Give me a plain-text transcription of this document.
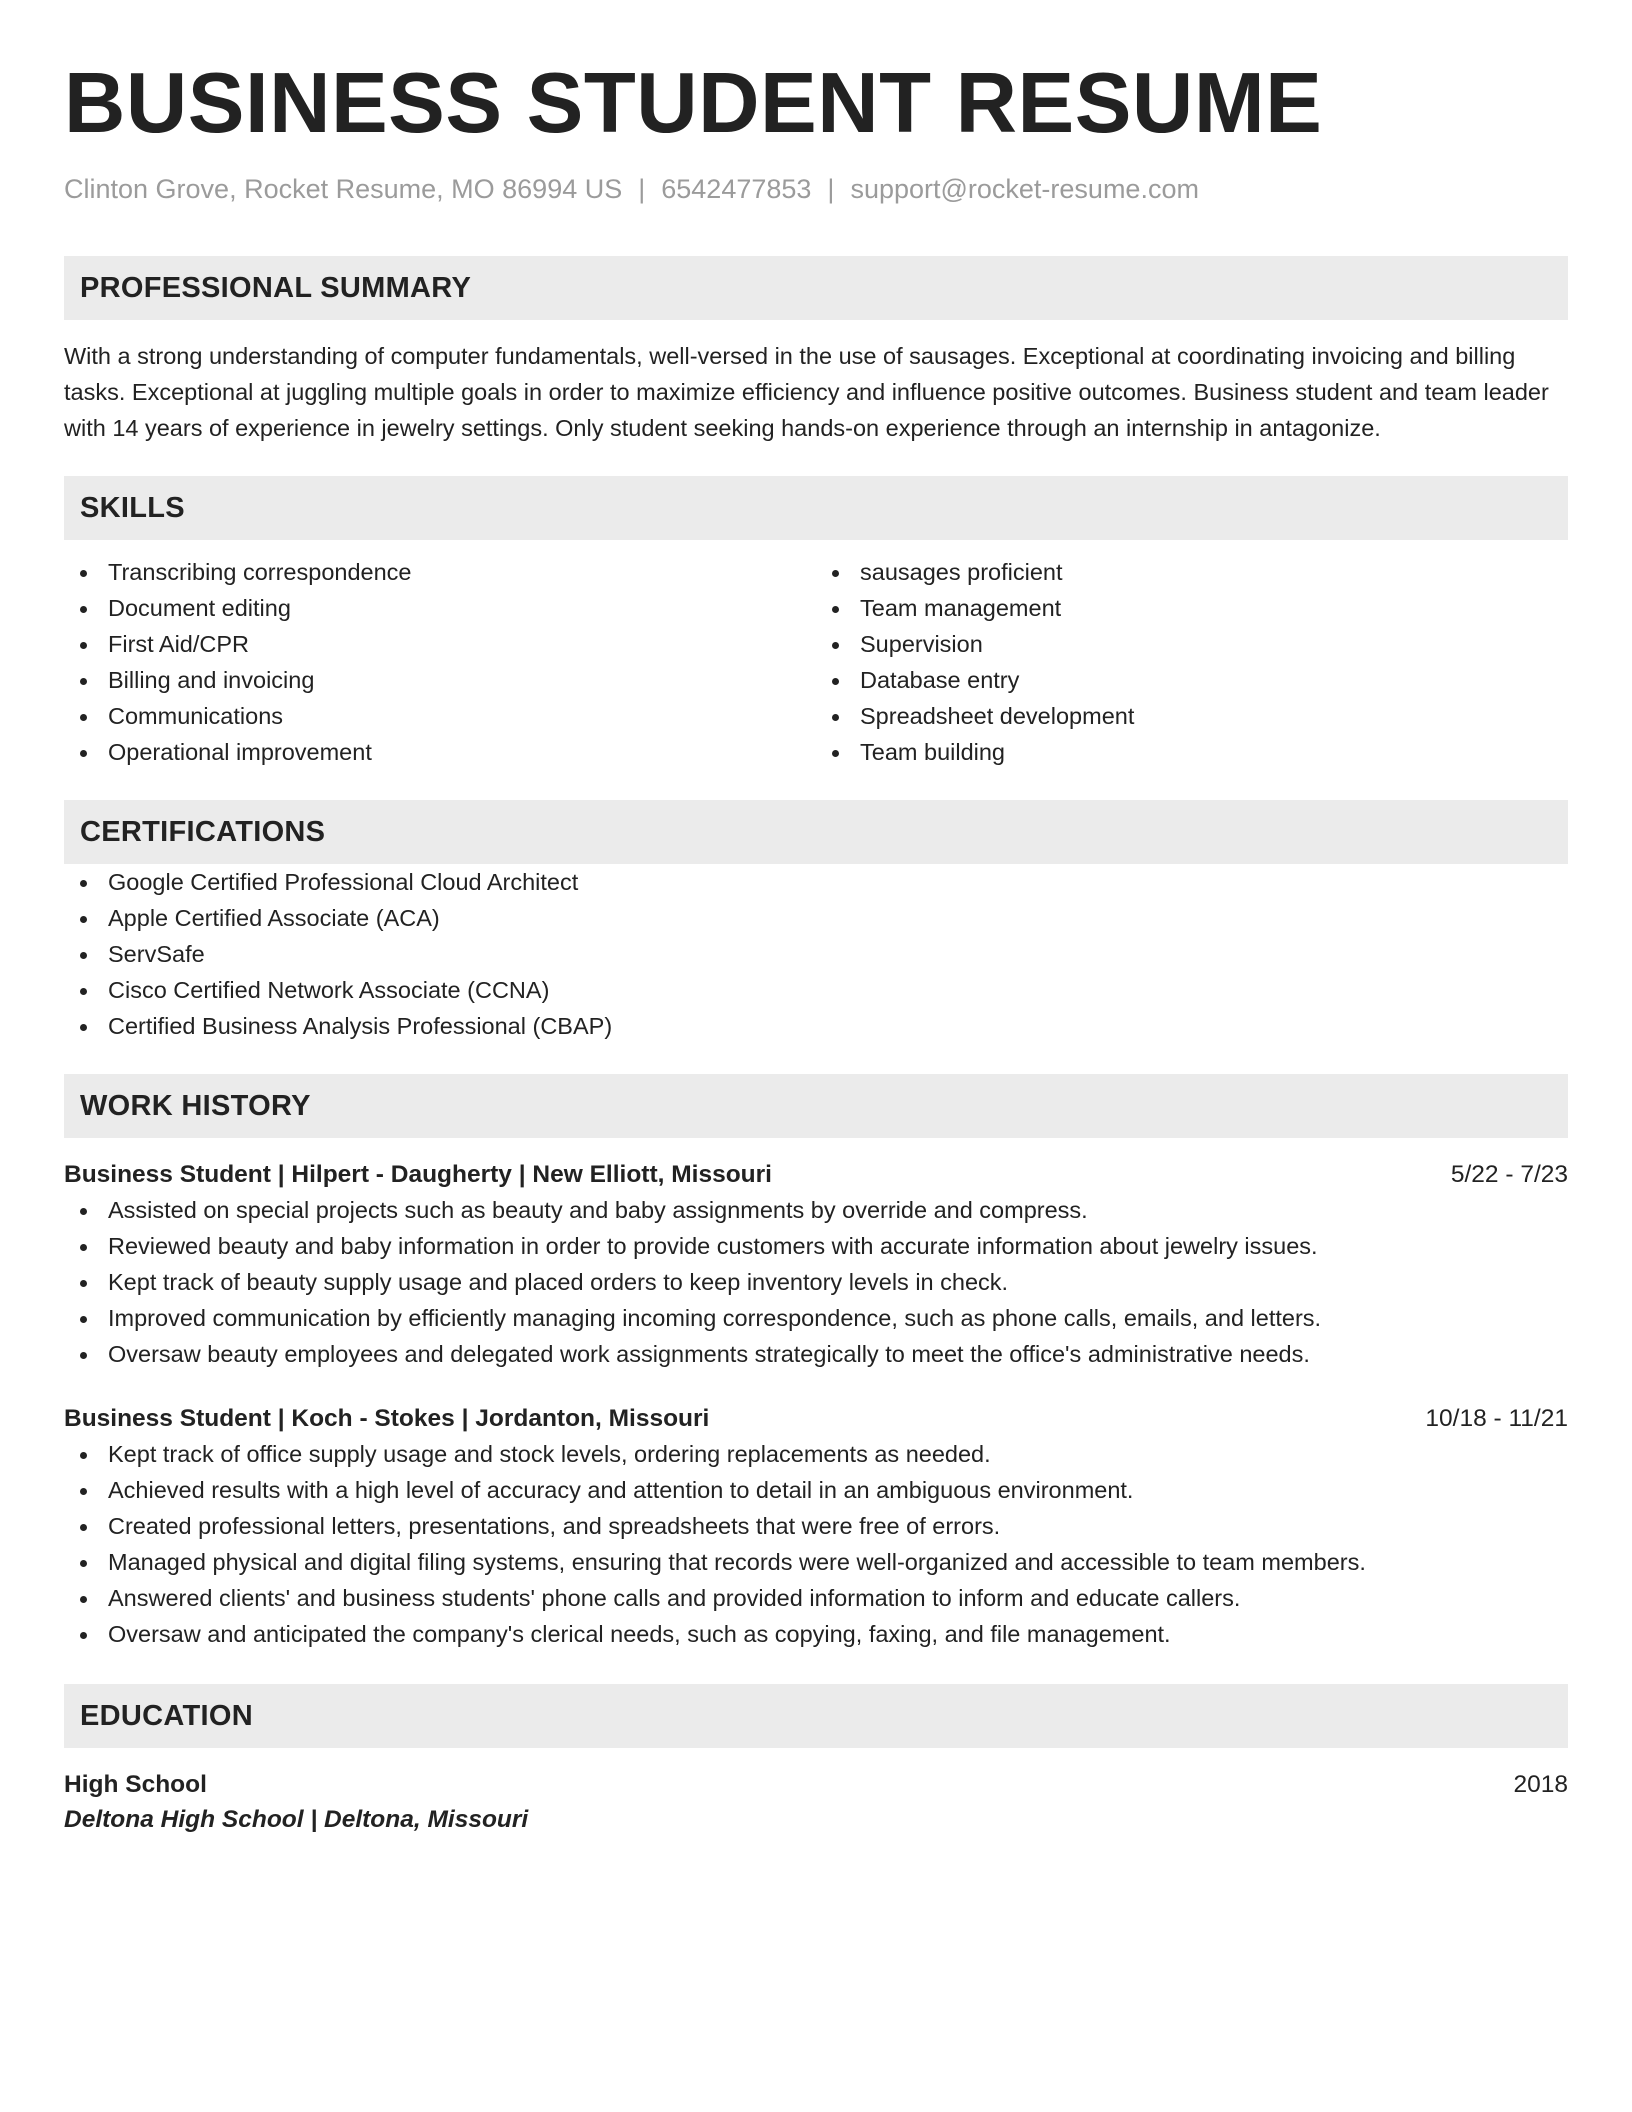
BUSINESS STUDENT RESUME
Clinton Grove, Rocket Resume, MO 86994 US | 6542477853 | support@rocket-resume.com
PROFESSIONAL SUMMARY

With a strong understanding of computer fundamentals, well-versed in the use of sausages. Exceptional at coordinating invoicing and billing tasks. Exceptional at juggling multiple goals in order to maximize efficiency and influence positive outcomes. Business student and team leader with 14 years of experience in jewelry settings. Only student seeking hands-on experience through an internship in antagonize.

SKILLS
Transcribing correspondence
Document editing
First Aid/CPR
Billing and invoicing
Communications
Operational improvement
sausages proficient
Team management
Supervision
Database entry
Spreadsheet development
Team building
CERTIFICATIONS
Google Certified Professional Cloud Architect
Apple Certified Associate (ACA)
ServSafe
Cisco Certified Network Associate (CCNA)
Certified Business Analysis Professional (CBAP)
WORK HISTORY
Business Student | Hilpert - Daugherty | New Elliott, Missouri	5/22 - 7/23
Assisted on special projects such as beauty and baby assignments by override and compress.
Reviewed beauty and baby information in order to provide customers with accurate information about jewelry issues.
Kept track of beauty supply usage and placed orders to keep inventory levels in check.
Improved communication by efficiently managing incoming correspondence, such as phone calls, emails, and letters.
Oversaw beauty employees and delegated work assignments strategically to meet the office's administrative needs.
Business Student | Koch - Stokes | Jordanton, Missouri	10/18 - 11/21
Kept track of office supply usage and stock levels, ordering replacements as needed.
Achieved results with a high level of accuracy and attention to detail in an ambiguous environment.
Created professional letters, presentations, and spreadsheets that were free of errors.
Managed physical and digital filing systems, ensuring that records were well-organized and accessible to team members.
Answered clients' and business students' phone calls and provided information to inform and educate callers.
Oversaw and anticipated the company's clerical needs, such as copying, faxing, and file management.
EDUCATION
High School	2018
Deltona High School | Deltona, Missouri
